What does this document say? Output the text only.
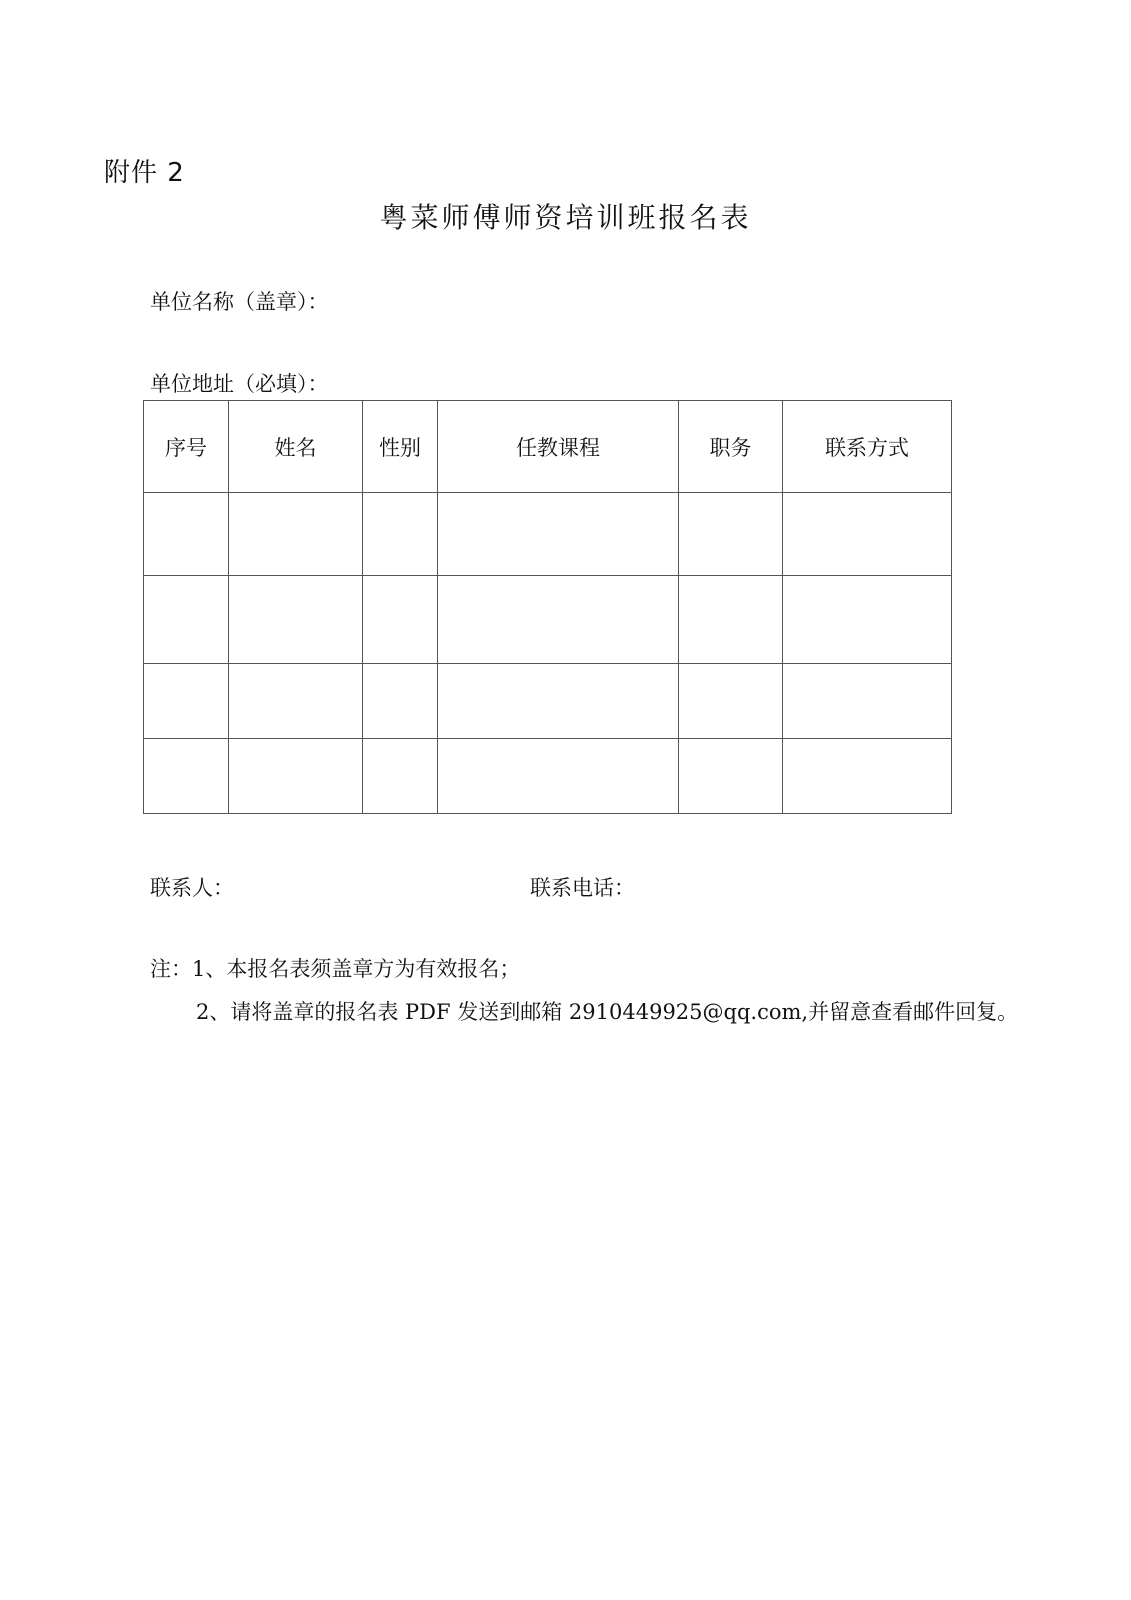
附件 2
粤菜师傅师资培训班报名表
单位名称（盖章）：
单位地址（必填）：
序号	姓名	性别	任教课程	职务	联系方式

联系人：	联系电话：
注：1、本报名表须盖章方为有效报名；
2、请将盖章的报名表 PDF 发送到邮箱 2910449925@qq.com,并留意查看邮件回复。
